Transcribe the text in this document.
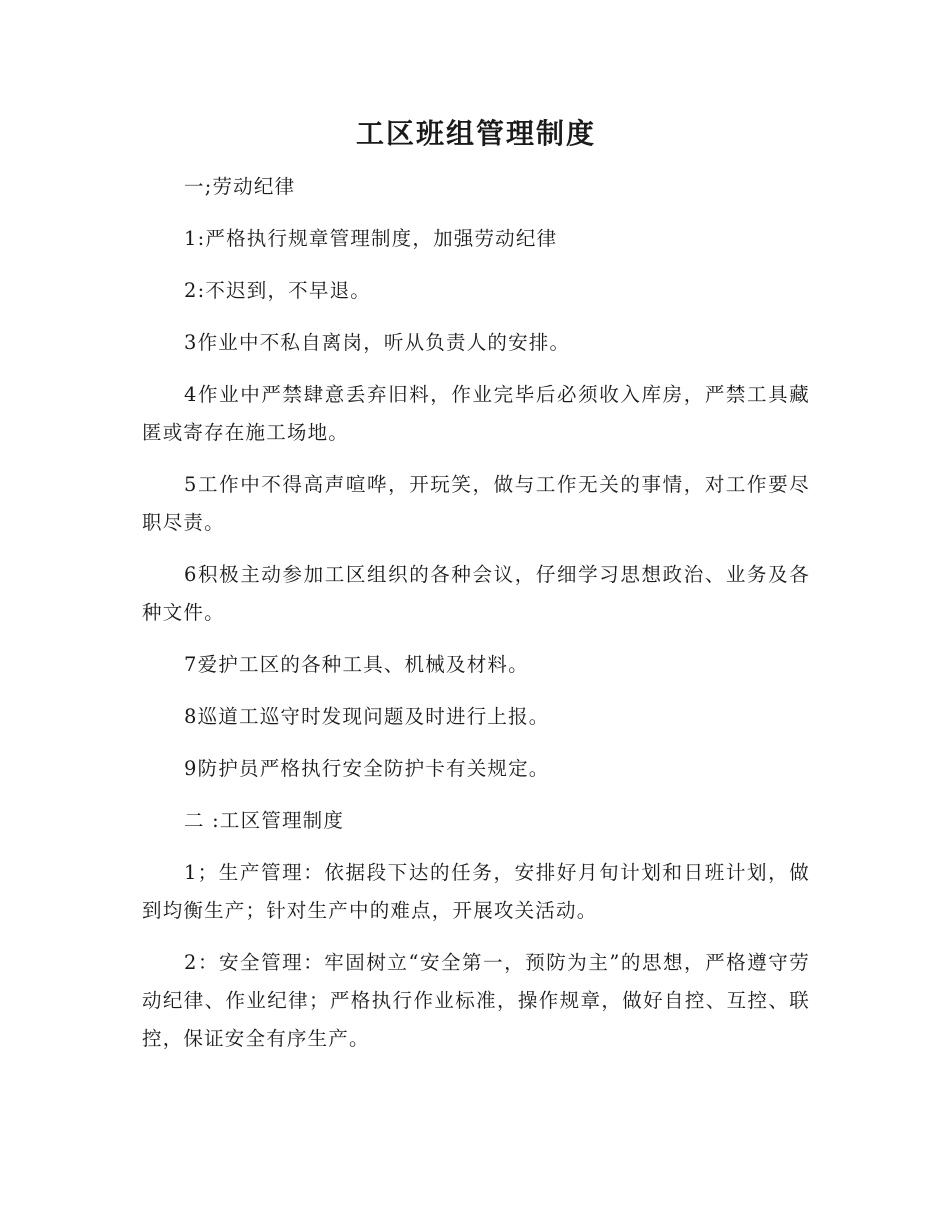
工区班组管理制度

一;劳动纪律

1:严格执行规章管理制度，加强劳动纪律

2:不迟到，不早退。

3作业中不私自离岗，听从负责人的安排。

4作业中严禁肆意丢弃旧料，作业完毕后必须收入库房，严禁工具藏匿或寄存在施工场地。

5工作中不得高声喧哗，开玩笑，做与工作无关的事情，对工作要尽职尽责。

6积极主动参加工区组织的各种会议，仔细学习思想政治、业务及各种文件。

7爱护工区的各种工具、机械及材料。

8巡道工巡守时发现问题及时进行上报。

9防护员严格执行安全防护卡有关规定。

二 :工区管理制度

1；生产管理：依据段下达的任务，安排好月旬计划和日班计划，做到均衡生产；针对生产中的难点，开展攻关活动。

2：安全管理：牢固树立“安全第一，预防为主”的思想，严格遵守劳动纪律、作业纪律；严格执行作业标准，操作规章，做好自控、互控、联控，保证安全有序生产。
